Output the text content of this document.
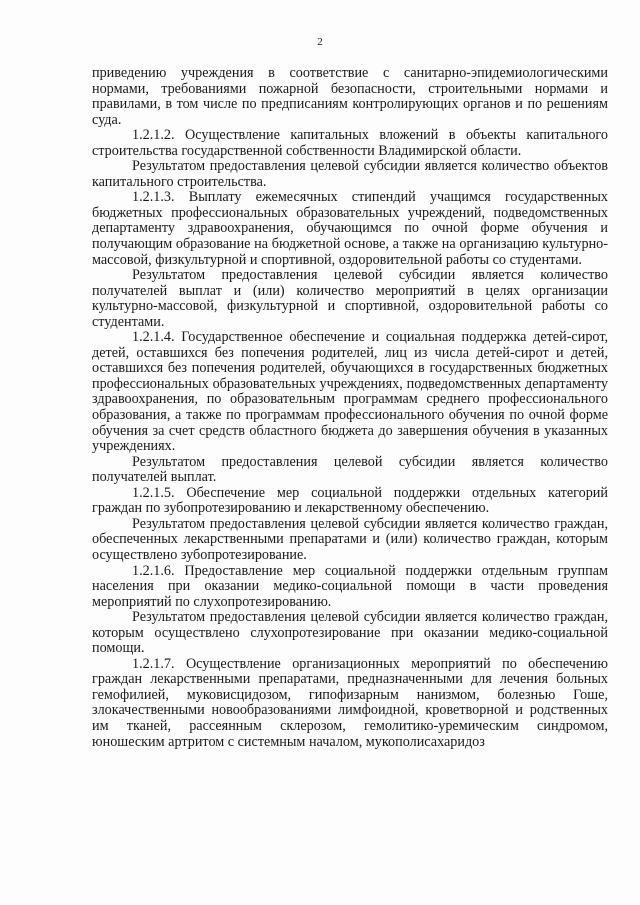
2

приведению учреждения в соответствие с санитарно-эпидемиологическими нормами, требованиями пожарной безопасности, строительными нормами и правилами, в том числе по предписаниям контролирующих органов и по решениям суда.

1.2.1.2. Осуществление капитальных вложений в объекты капитального строительства государственной собственности Владимирской области.

Результатом предоставления целевой субсидии является количество объектов капитального строительства.

1.2.1.3. Выплату ежемесячных стипендий учащимся государственных бюджетных профессиональных образовательных учреждений, подведомственных департаменту здравоохранения, обучающимся по очной форме обучения и получающим образование на бюджетной основе, а также на организацию культурно-массовой, физкультурной и спортивной, оздоровительной работы со студентами.

Результатом предоставления целевой субсидии является количество получателей выплат и (или) количество мероприятий в целях организации культурно-массовой, физкультурной и спортивной, оздоровительной работы со студентами.

1.2.1.4. Государственное обеспечение и социальная поддержка детей-сирот, детей, оставшихся без попечения родителей, лиц из числа детей-сирот и детей, оставшихся без попечения родителей, обучающихся в государственных бюджетных профессиональных образовательных учреждениях, подведомственных департаменту здравоохранения, по образовательным программам среднего профессионального образования, а также по программам профессионального обучения по очной форме обучения за счет средств областного бюджета до завершения обучения в указанных учреждениях.

Результатом предоставления целевой субсидии является количество получателей выплат.

1.2.1.5. Обеспечение мер социальной поддержки отдельных категорий граждан по зубопротезированию и лекарственному обеспечению.

Результатом предоставления целевой субсидии является количество граждан, обеспеченных лекарственными препаратами и (или) количество граждан, которым осуществлено зубопротезирование.

1.2.1.6. Предоставление мер социальной поддержки отдельным группам населения при оказании медико-социальной помощи в части проведения мероприятий по слухопротезированию.

Результатом предоставления целевой субсидии является количество граждан, которым осуществлено слухопротезирование при оказании медико-социальной помощи.

1.2.1.7. Осуществление организационных мероприятий по обеспечению граждан лекарственными препаратами, предназначенными для лечения больных гемофилией, муковисцидозом, гипофизарным нанизмом, болезнью Гоше, злокачественными новообразованиями лимфоидной, кроветворной и родственных им тканей, рассеянным склерозом, гемолитико-уремическим синдромом, юношеским артритом с системным началом, мукополисахаридоз
